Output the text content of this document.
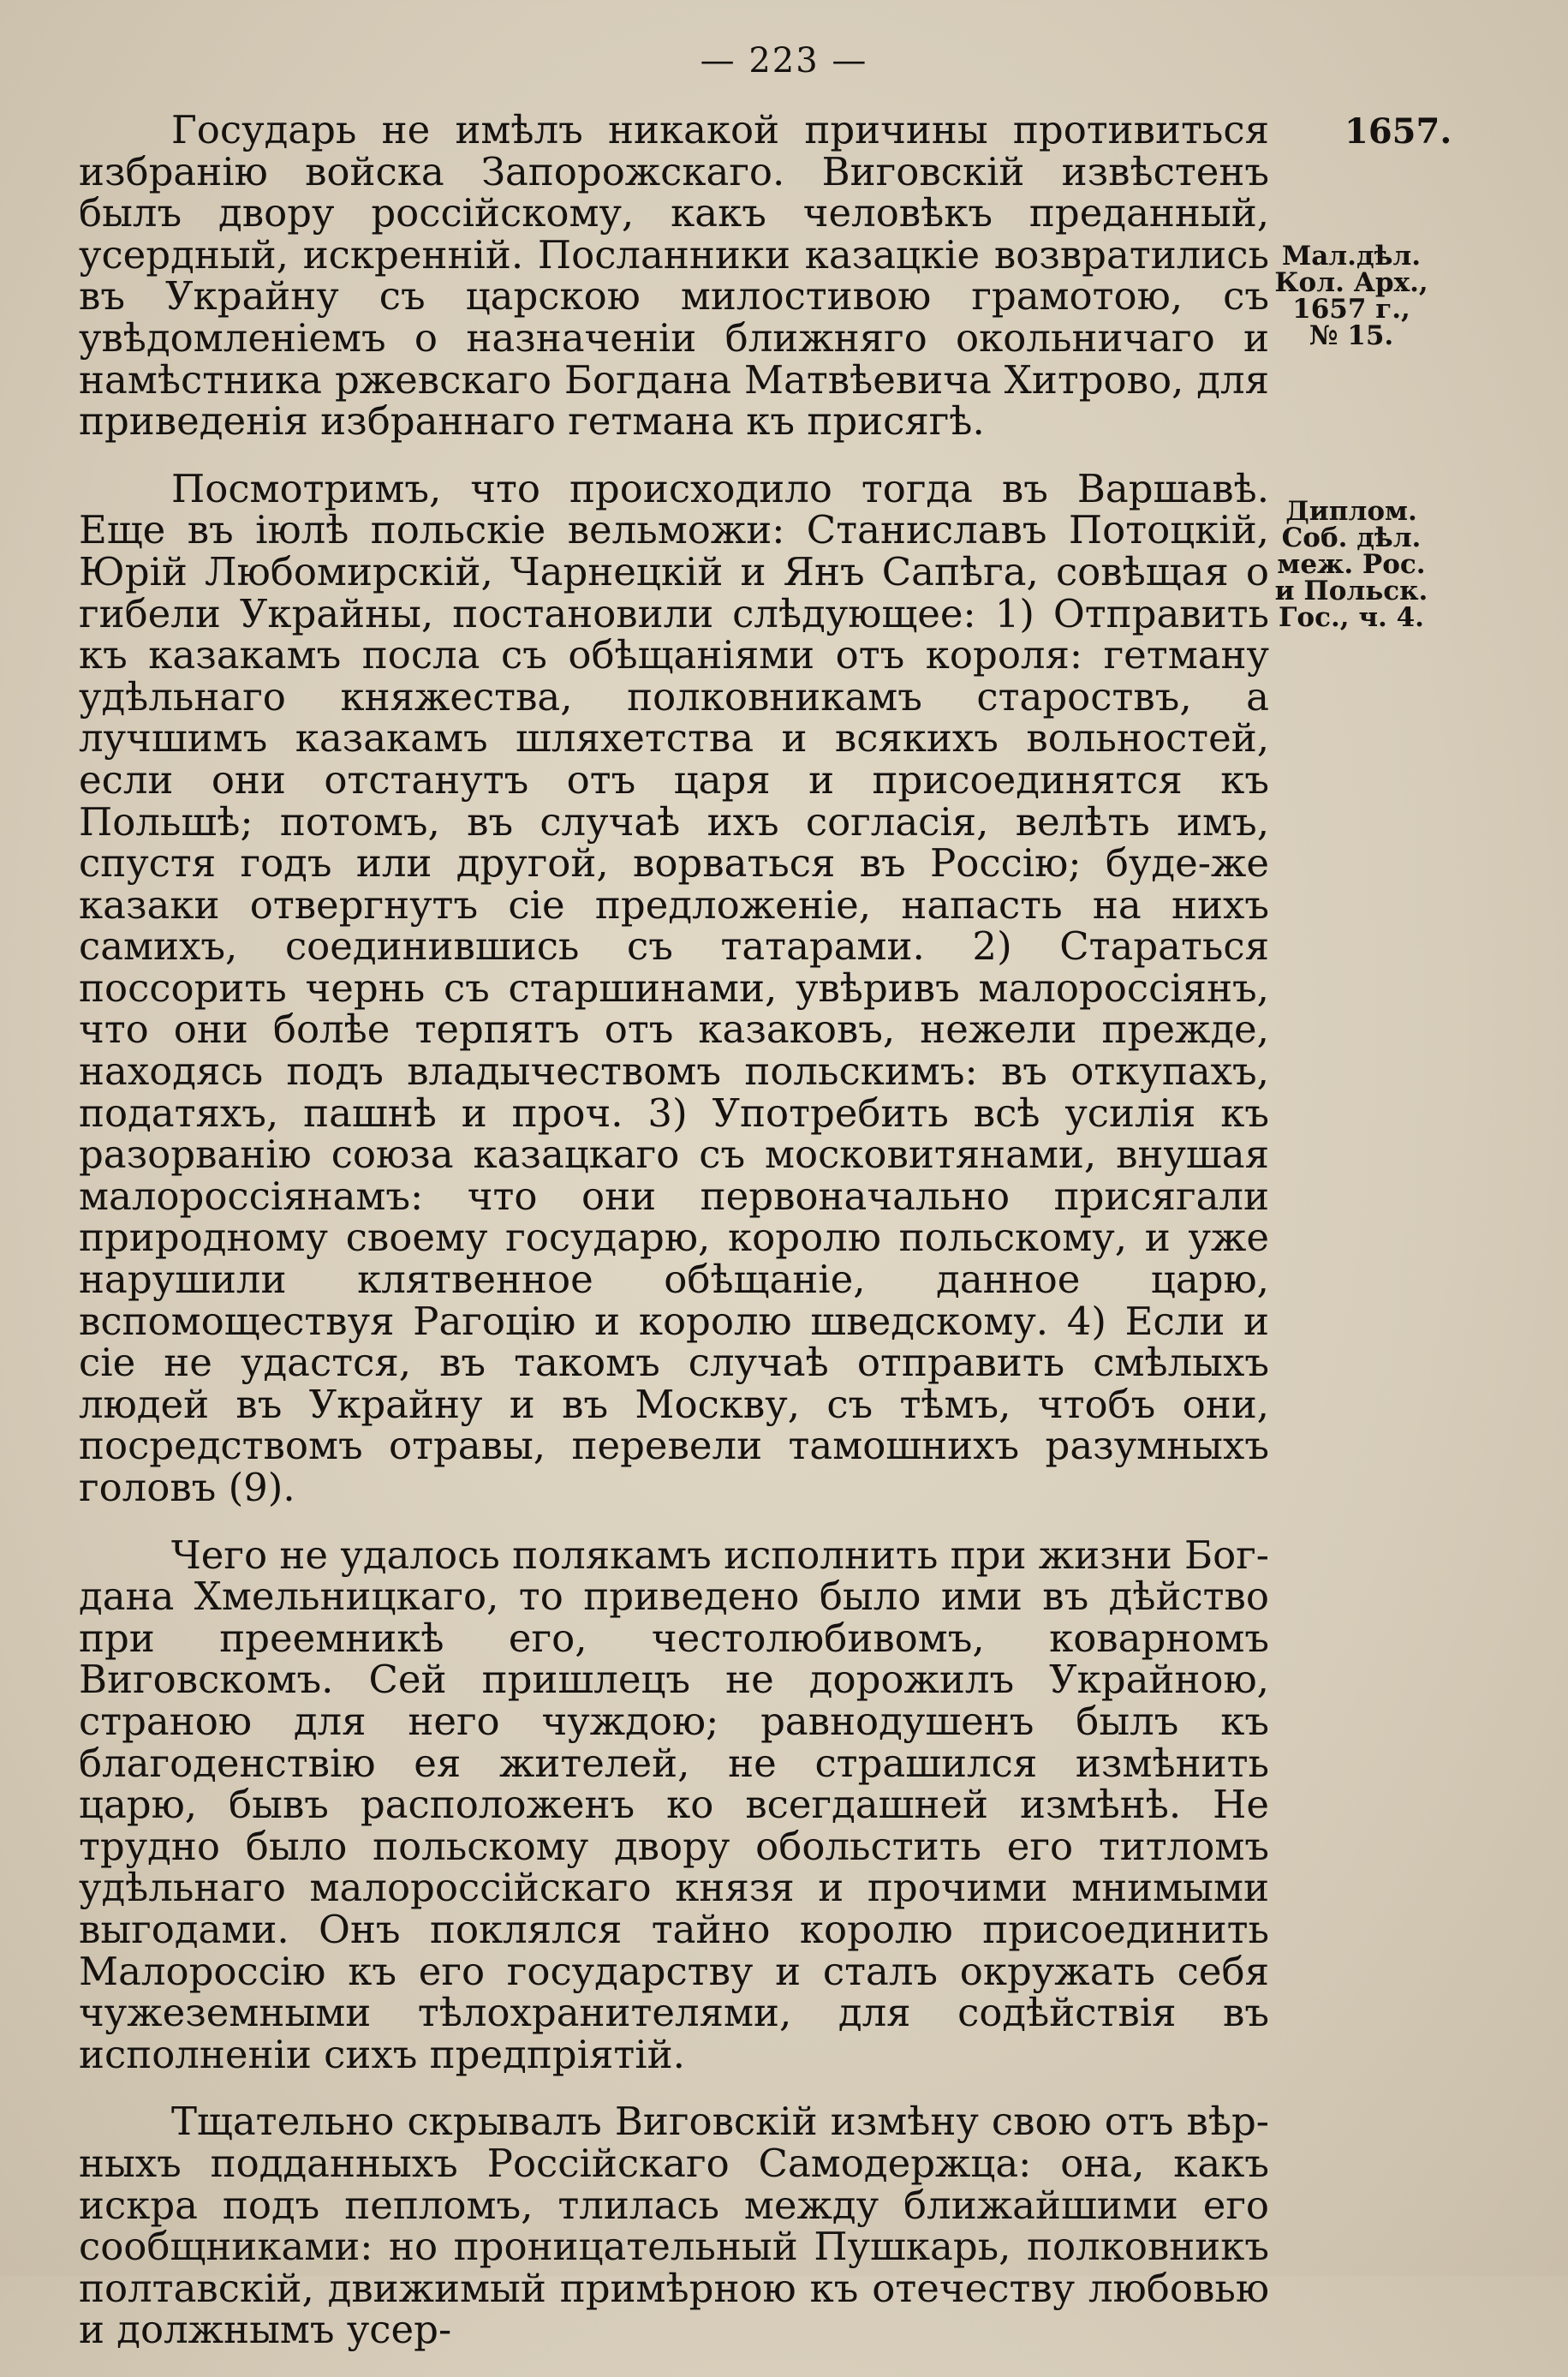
— 223 —
1657.
Мал.дѣл.
Кол. Арх.,
1657 г.,
№ 15.
Диплом.
Соб. дѣл.
меж. Рос.
и Польск.
Гос., ч. 4.

Государь не имѣлъ никакой причины противиться избранію войска Запорожскаго. Виговскій извѣстенъ былъ двору россійскому, какъ человѣкъ преданный, усердный, искренній. Посланники казацкіе возвратились въ Украйну съ царскою милостивою грамотою, съ увѣдомленіемъ о назначеніи ближняго окольничаго и намѣстника ржевскаго Богдана Матвѣевича Хитрово, для приведенія избраннаго гетмана къ присягѣ.

Посмотримъ, что происходило тогда въ Варшавѣ. Еще въ іюлѣ польскіе вельможи: Станиславъ Потоцкій, Юрій Любомирскій, Чарнецкій и Янъ Сапѣга, совѣщая о гибели Украйны, постановили слѣдующее: 1) Отправить къ казакамъ посла съ обѣщаніями отъ короля: гетману удѣльнаго княжества, полковникамъ староствъ, а лучшимъ казакамъ шляхетства и всякихъ вольностей, если они отстанутъ отъ царя и присоединятся къ Польшѣ; потомъ, въ случаѣ ихъ согласія, велѣть имъ, спустя годъ или другой, ворваться въ Россію; буде-же казаки отвергнутъ сіе предложеніе, напасть на нихъ самихъ, соединившись съ татарами. 2) Стараться поссорить чернь съ старшинами, увѣривъ малороссіянъ, что они болѣе терпятъ отъ казаковъ, нежели прежде, находясь подъ владычествомъ польскимъ: въ откупахъ, податяхъ, пашнѣ и проч. 3) Употребить всѣ усилія къ разорванію союза казацкаго съ московитянами, внушая малороссіянамъ: что они первоначально присягали природному своему государю, королю польскому, и уже нарушили клятвенное обѣщаніе, данное царю, вспомоществуя Рагоцію и королю шведскому. 4) Если и сіе не удастся, въ такомъ случаѣ отправить смѣлыхъ людей въ Украйну и въ Москву, съ тѣмъ, чтобъ они, посредствомъ отравы, перевели тамошнихъ разумныхъ головъ (9).

Чего не удалось полякамъ исполнить при жизни Богдана Хмельницкаго, то приведено было ими въ дѣйство при преемникѣ его, честолюбивомъ, коварномъ Виговскомъ. Сей пришлецъ не дорожилъ Украйною, страною для него чуждою; равнодушенъ былъ къ благоденствію ея жителей, не страшился измѣнить царю, бывъ расположенъ ко всегдашней измѣнѣ. Не трудно было польскому двору обольстить его титломъ удѣльнаго малороссійскаго князя и прочими мнимыми выгодами. Онъ поклялся тайно королю присоединить Малороссію къ его государству и сталъ окружать себя чужеземными тѣлохранителями, для содѣйствія въ исполненіи сихъ предпріятій.

Тщательно скрывалъ Виговскій измѣну свою отъ вѣрныхъ подданныхъ Россійскаго Самодержца: она, какъ искра подъ пепломъ, тлилась между ближайшими его сообщниками: но проницательный Пушкарь, полковникъ полтавскій, движимый примѣрною къ отечеству любовью и должнымъ усер-
